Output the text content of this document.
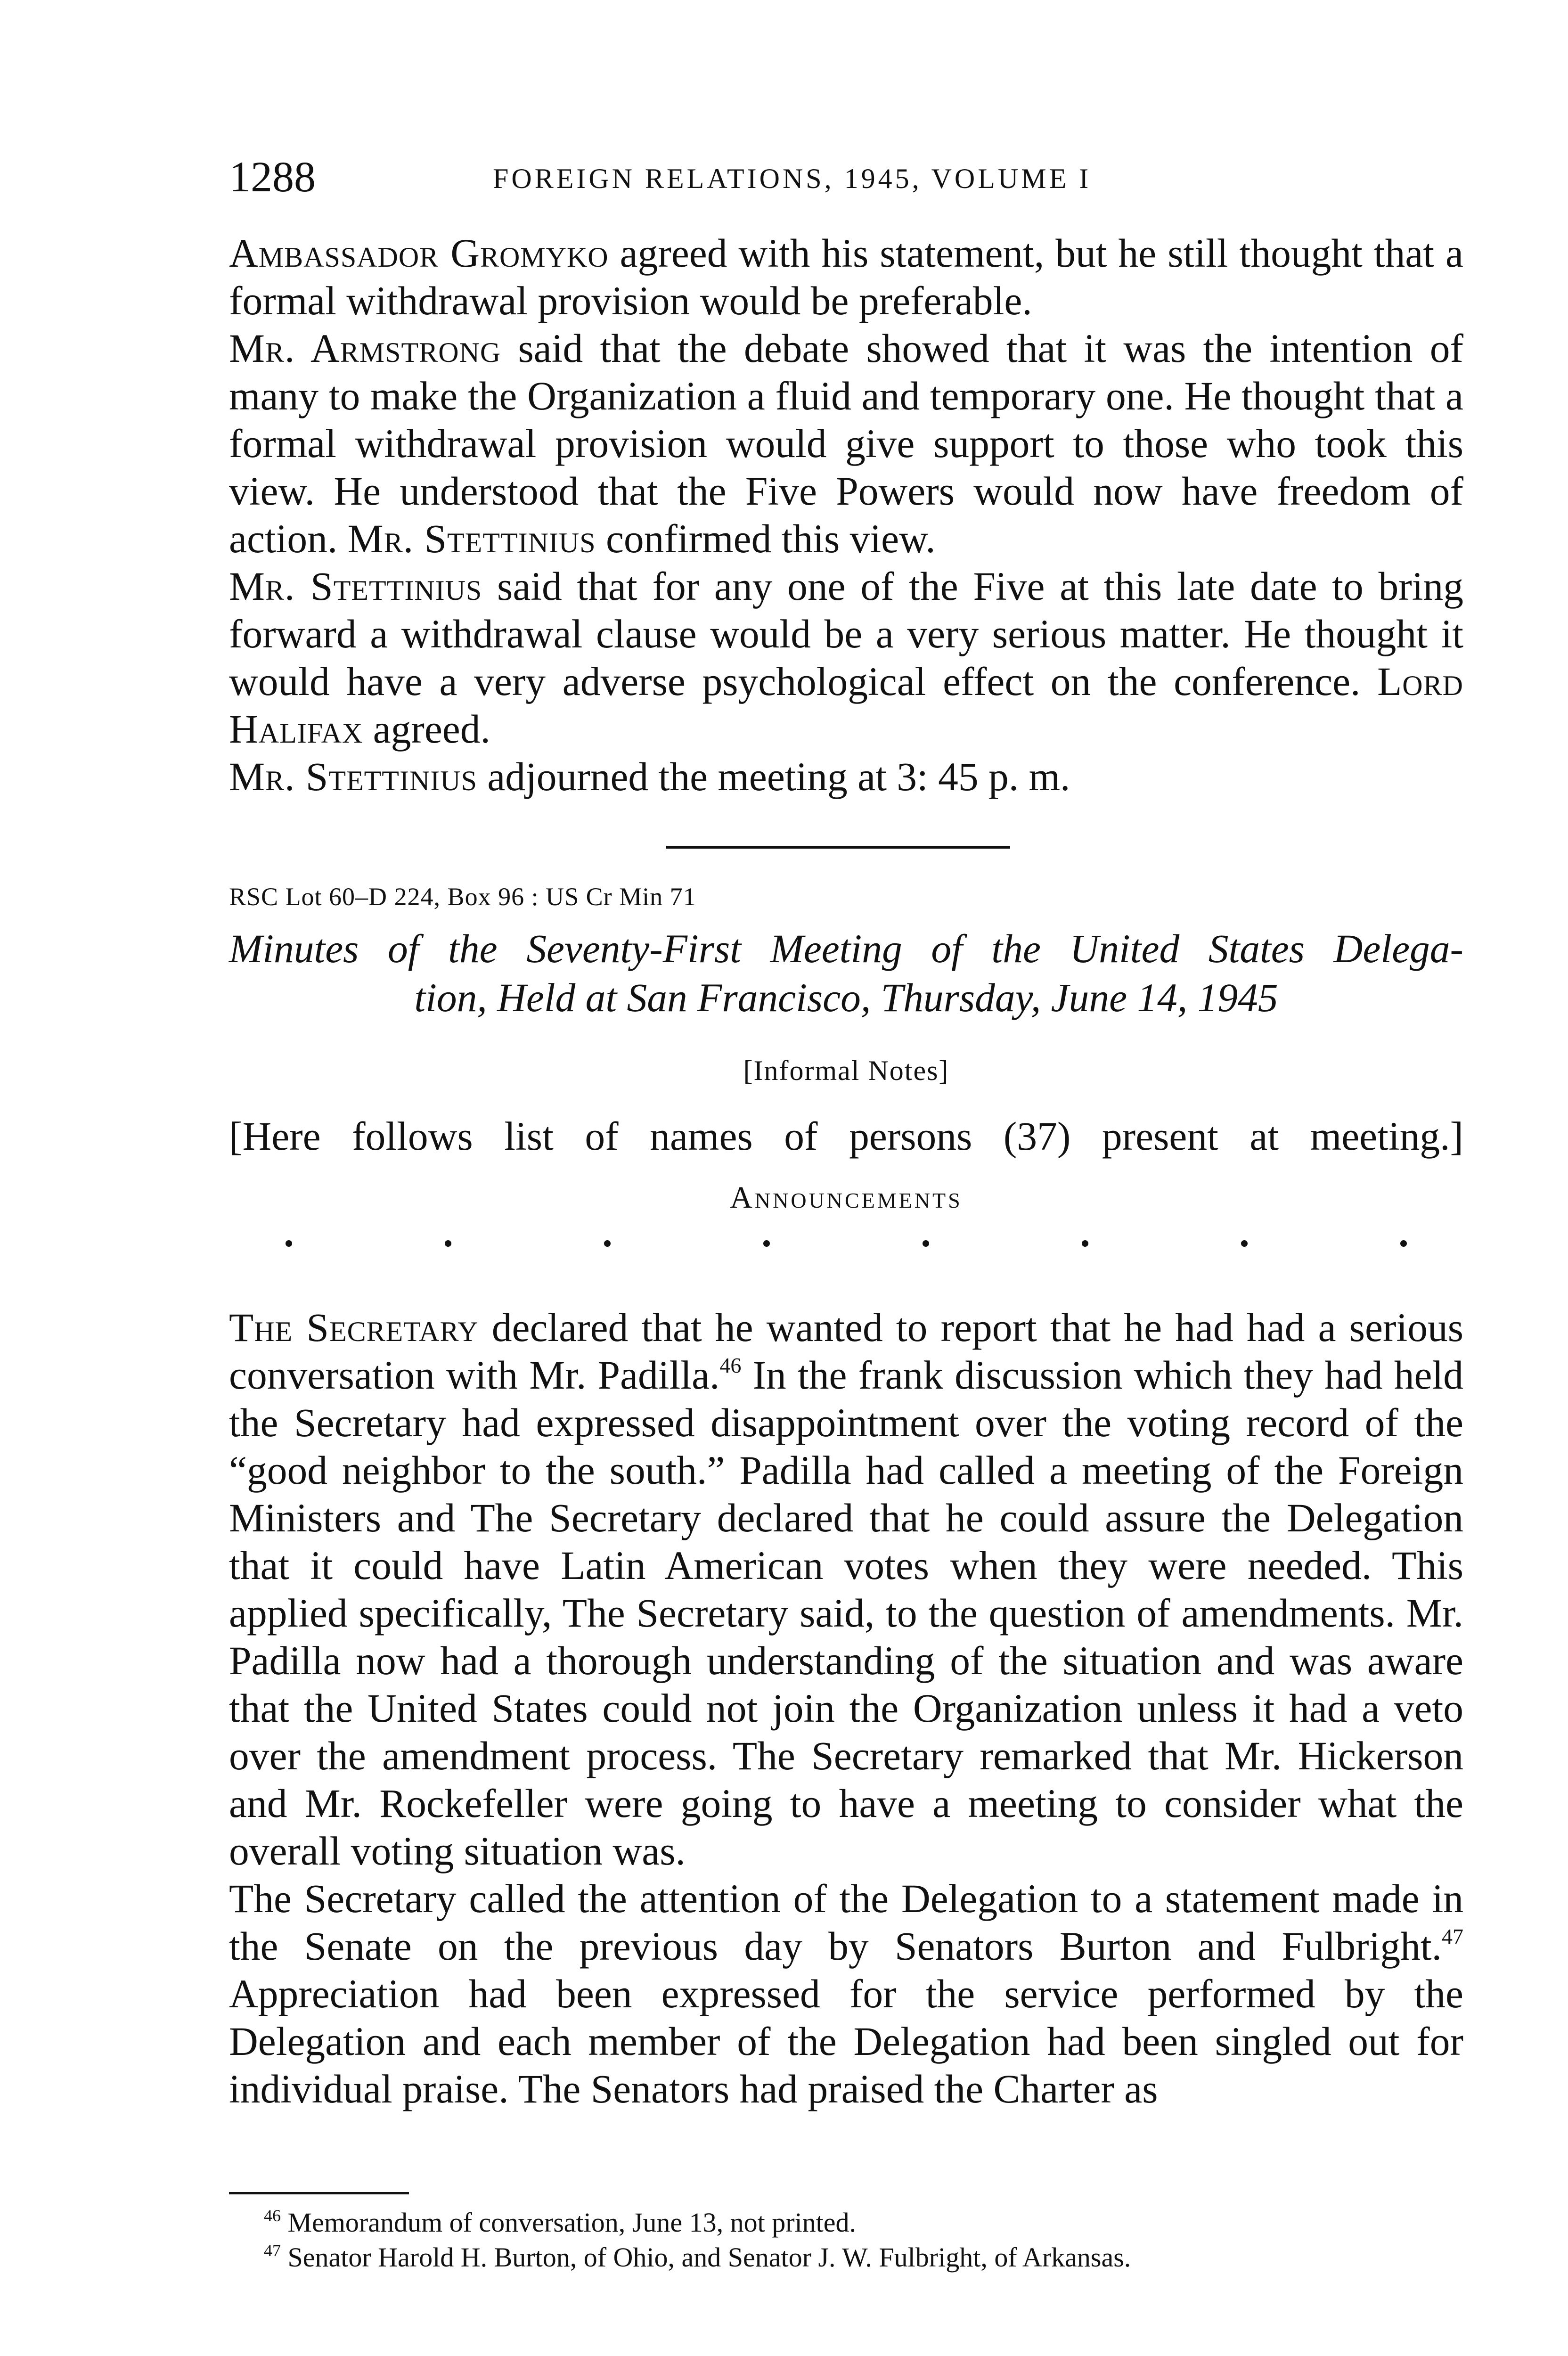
1288	FOREIGN RELATIONS, 1945, VOLUME I

Ambassador Gromyko agreed with his statement, but he still thought that a formal withdrawal provision would be preferable.

Mr. Armstrong said that the debate showed that it was the intention of many to make the Organization a fluid and temporary one. He thought that a formal withdrawal provision would give support to those who took this view. He understood that the Five Powers would now have freedom of action. Mr. Stettinius confirmed this view.

Mr. Stettinius said that for any one of the Five at this late date to bring forward a withdrawal clause would be a very serious matter. He thought it would have a very adverse psychological effect on the conference. Lord Halifax agreed.

Mr. Stettinius adjourned the meeting at 3: 45 p. m.

RSC Lot 60–D 224, Box 96 : US Cr Min 71
Minutes of the Seventy-First Meeting of the United States Delega-
tion, Held at San Francisco, Thursday, June 14, 1945
[Informal Notes]
[Here follows list of names of persons (37) present at meeting.]
Announcements

The Secretary declared that he wanted to report that he had had a serious conversation with Mr. Padilla.$^{46}$ In the frank discussion which they had held the Secretary had expressed disappointment over the voting record of the “good neighbor to the south.” Padilla had called a meeting of the Foreign Ministers and The Secretary declared that he could assure the Delegation that it could have Latin American votes when they were needed. This applied specifically, The Secretary said, to the question of amendments. Mr. Padilla now had a thorough understanding of the situation and was aware that the United States could not join the Organization unless it had a veto over the amendment process. The Secretary remarked that Mr. Hickerson and Mr. Rockefeller were going to have a meeting to consider what the overall voting situation was.

The Secretary called the attention of the Delegation to a statement made in the Senate on the previous day by Senators Burton and Fulbright.$^{47}$ Appreciation had been expressed for the service performed by the Delegation and each member of the Delegation had been singled out for individual praise. The Senators had praised the Charter as

$^{46}$ Memorandum of conversation, June 13, not printed.
$^{47}$ Senator Harold H. Burton, of Ohio, and Senator J. W. Fulbright, of Arkansas.
